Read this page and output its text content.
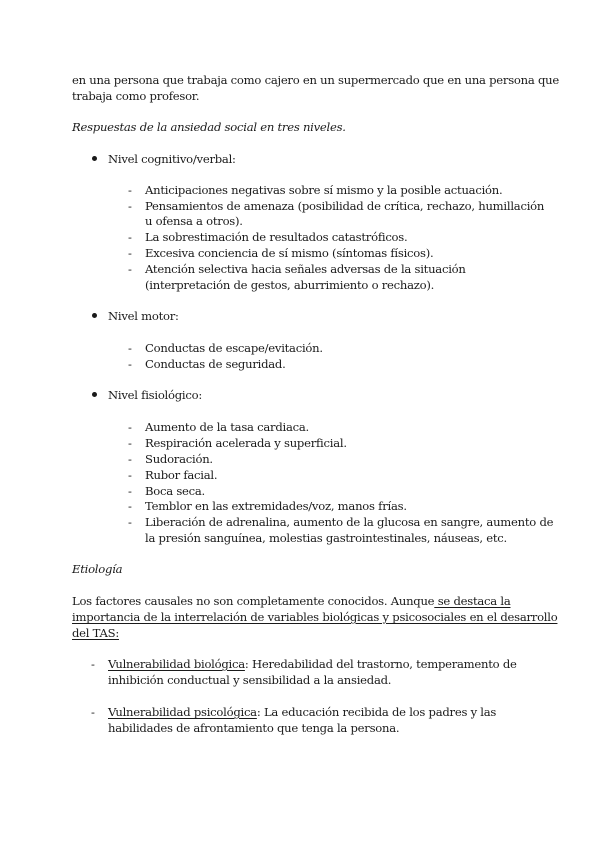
en una persona que trabaja como cajero en un supermercado que en una persona que
trabaja como profesor.
Respuestas de la ansiedad social en tres niveles.
Nivel cognitivo/verbal:
- Anticipaciones negativas sobre sí mismo y la posible actuación.
- Pensamientos de amenaza (posibilidad de crítica, rechazo, humillación
u ofensa a otros).
- La sobrestimación de resultados catastróficos.
- Excesiva conciencia de sí mismo (síntomas físicos).
- Atención selectiva hacia señales adversas de la situación
(interpretación de gestos, aburrimiento o rechazo).
Nivel motor:
- Conductas de escape/evitación.
- Conductas de seguridad.
Nivel fisiológico:
- Aumento de la tasa cardiaca.
- Respiración acelerada y superficial.
- Sudoración.
- Rubor facial.
- Boca seca.
- Temblor en las extremidades/voz, manos frías.
- Liberación de adrenalina, aumento de la glucosa en sangre, aumento de
la presión sanguínea, molestias gastrointestinales, náuseas, etc.
Etiología
Los factores causales no son completamente conocidos. Aunque se destaca la
importancia de la interrelación de variables biológicas y psicosociales en el desarrollo
del TAS:
- Vulnerabilidad biológica: Heredabilidad del trastorno, temperamento de
inhibición conductual y sensibilidad a la ansiedad.
- Vulnerabilidad psicológica: La educación recibida de los padres y las
habilidades de afrontamiento que tenga la persona.
